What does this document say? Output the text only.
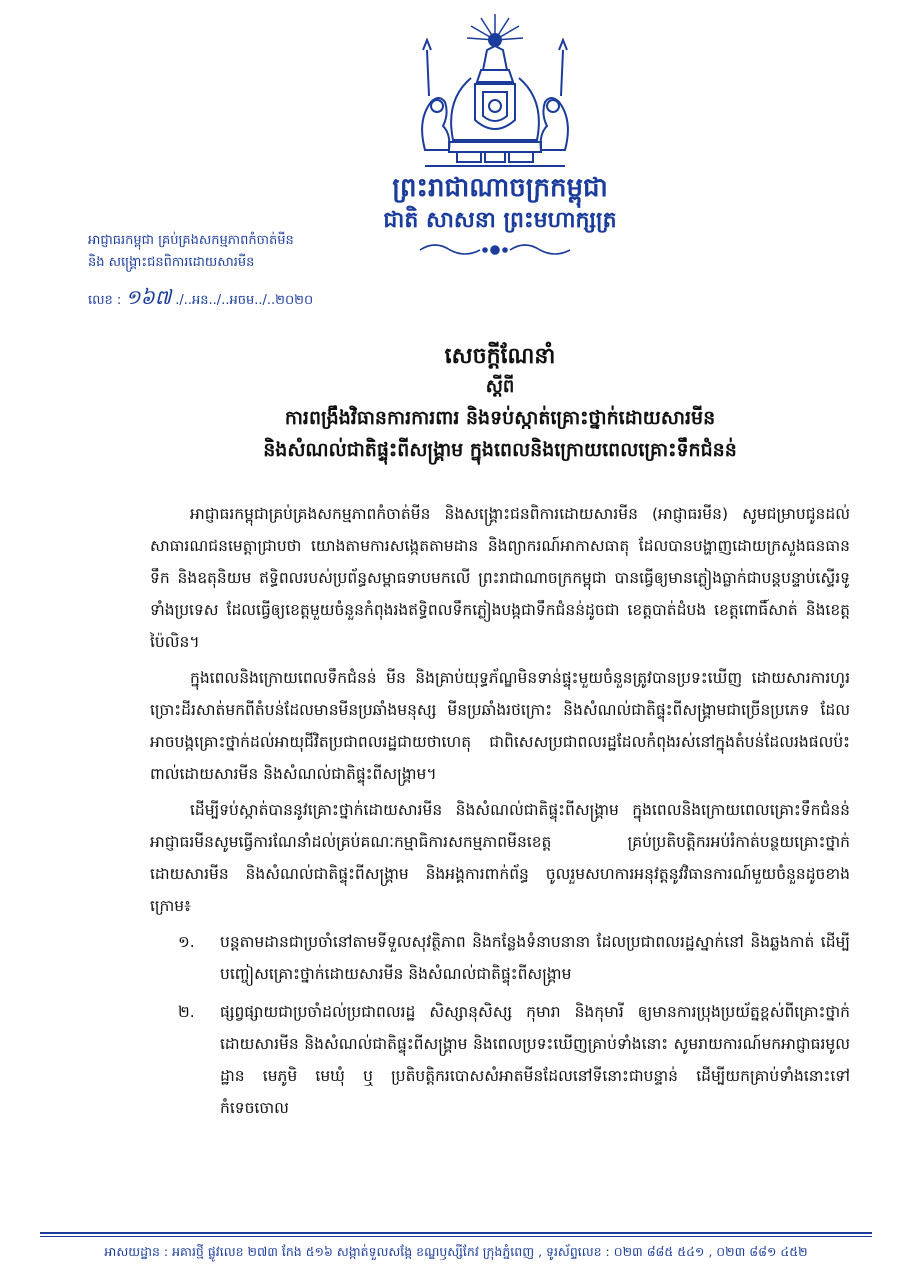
ព្រះរាជាណាចក្រកម្ពុជា
ជាតិ សាសនា ព្រះមហាក្សត្រ
អាជ្ញាធរកម្ពុជា គ្រប់គ្រងសកម្មភាពកំចាត់មីន
និង សង្គ្រោះជនពិការដោយសារមីន
លេខ : ១៦៧ ./..អន../..អចម../..២០២០
សេចក្តីណែនាំ
ស្តីពី
ការពង្រឹងវិធានការការពារ និងទប់ស្កាត់គ្រោះថ្នាក់ដោយសារមីន
និងសំណល់ជាតិផ្ទុះពីសង្គ្រាម ក្នុងពេលនិងក្រោយពេលគ្រោះទឹកជំនន់

អាជ្ញាធរកម្ពុជាគ្រប់គ្រងសកម្មភាពកំចាត់មីន និងសង្គ្រោះជនពិការដោយសារមីន (អាជ្ញាធរមីន) សូមជម្រាបជូនដល់សាធារណជនមេត្តាជ្រាបថា យោងតាមការសង្កេតតាមដាន និងព្យាករណ៍អាកាសធាតុ ដែលបានបង្ហាញដោយក្រសួងធនធានទឹក និងឧតុនិយម ឥទ្ធិពលរបស់ប្រព័ន្ធសម្ពាធទាបមកលើ ព្រះរាជាណាចក្រកម្ពុជា បានធ្វើឲ្យមានភ្លៀងធ្លាក់ជាបន្តបន្ទាប់ស្ទើរទូទាំងប្រទេស ដែលធ្វើឲ្យខេត្តមួយចំនួនកំពុងរងឥទ្ធិពលទឹកភ្លៀងបង្កជាទឹកជំនន់ដូចជា ខេត្តបាត់ដំបង ខេត្តពោធិ៍សាត់ និងខេត្តប៉ៃលិន។

ក្នុងពេលនិងក្រោយពេលទឹកជំនន់ មីន និងគ្រាប់យុទ្ធភ័ណ្ឌមិនទាន់ផ្ទុះមួយចំនួនត្រូវបានប្រទះឃើញ ដោយសារការហូរច្រោះដីរសាត់មកពីតំបន់ដែលមានមីនប្រឆាំងមនុស្ស មីនប្រឆាំងរថក្រោះ និងសំណល់ជាតិផ្ទុះពីសង្គ្រាមជាច្រើនប្រភេទ ដែលអាចបង្កគ្រោះថ្នាក់ដល់អាយុជីវិតប្រជាពលរដ្ឋជាយថាហេតុ ជាពិសេសប្រជាពលរដ្ឋដែលកំពុងរស់នៅក្នុងតំបន់ដែលរងផលប៉ះពាល់ដោយសារមីន និងសំណល់ជាតិផ្ទុះពីសង្គ្រាម។

ដើម្បីទប់ស្កាត់បាននូវគ្រោះថ្នាក់ដោយសារមីន និងសំណល់ជាតិផ្ទុះពីសង្គ្រាម ក្នុងពេលនិងក្រោយពេលគ្រោះទឹកជំនន់ អាជ្ញាធរមីនសូមធ្វើការណែនាំដល់គ្រប់គណៈកម្មាធិការសកម្មភាពមីនខេត្ត គ្រប់ប្រតិបត្តិករអប់រំកាត់បន្ថយគ្រោះថ្នាក់ដោយសារមីន និងសំណល់ជាតិផ្ទុះពីសង្គ្រាម និងអង្គការពាក់ព័ន្ធ ចូលរួមសហការអនុវត្តនូវវិធានការណ៍មួយចំនួនដូចខាងក្រោម៖

១. បន្តតាមដានជាប្រចាំនៅតាមទីទួលសុវត្ថិភាព និងកន្លែងទំនាបនានា ដែលប្រជាពលរដ្ឋស្នាក់នៅ និងឆ្លងកាត់ ដើម្បីបញ្ចៀសគ្រោះថ្នាក់ដោយសារមីន និងសំណល់ជាតិផ្ទុះពីសង្គ្រាម
២. ផ្សព្វផ្សាយជាប្រចាំដល់ប្រជាពលរដ្ឋ សិស្សានុសិស្ស កុមារា និងកុមារី ឲ្យមានការប្រុងប្រយ័ត្នខ្ពស់ពីគ្រោះថ្នាក់ដោយសារមីន និងសំណល់ជាតិផ្ទុះពីសង្គ្រាម និងពេលប្រទះឃើញគ្រាប់ទាំងនោះ សូមរាយការណ៍មកអាជ្ញាធរមូលដ្ឋាន មេភូមិ មេឃុំ ឬ ប្រតិបត្តិករបោសសំអាតមីនដែលនៅទីនោះជាបន្ទាន់ ដើម្បីយកគ្រាប់ទាំងនោះទៅកំទេចចោល
អាសយដ្ឋាន : អគារថ្មី ផ្លូវលេខ ២៧៣ កែង ៥១៦ សង្កាត់ទួលសង្កែ ខណ្ឌឫស្សីកែវ ក្រុងភ្នំពេញ , ទូរស័ព្ទលេខ : ០២៣ ៨៨៥ ៥៤១ , ០២៣ ៨៨១ ៤៥២
